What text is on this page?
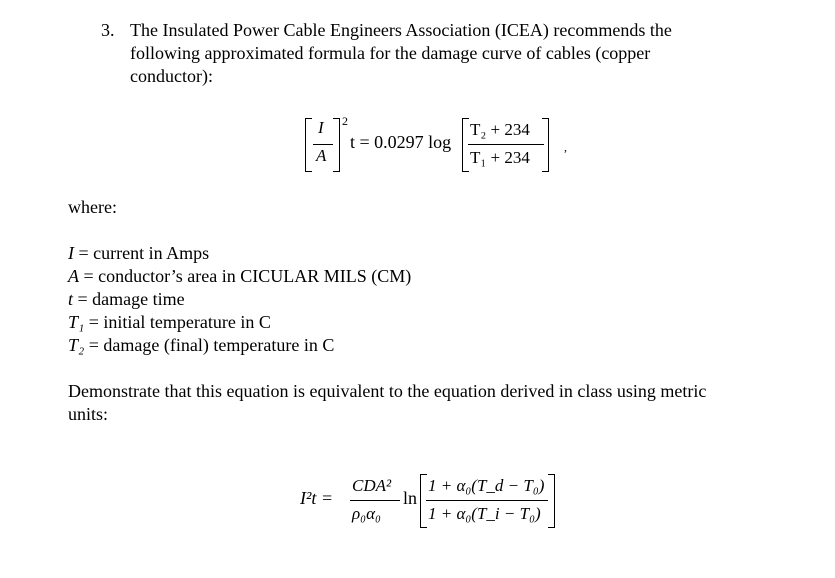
3. The Insulated Power Cable Engineers Association (ICEA) recommends the
following approximated formula for the damage curve of cables (copper
conductor):
I
A
2
t = 0.0297 log
T₂ + 234
T₁ + 234
,
where:
I = current in Amps
A = conductor’s area in CICULAR MILS (CM)
t = damage time
T₁ = initial temperature in C
T₂ = damage (final) temperature in C
Demonstrate that this equation is equivalent to the equation derived in class using metric
units:
I²t =
CDA²
ρ₀α₀
ln
1 + α₀(T_d − T₀)
1 + α₀(T_i − T₀)
